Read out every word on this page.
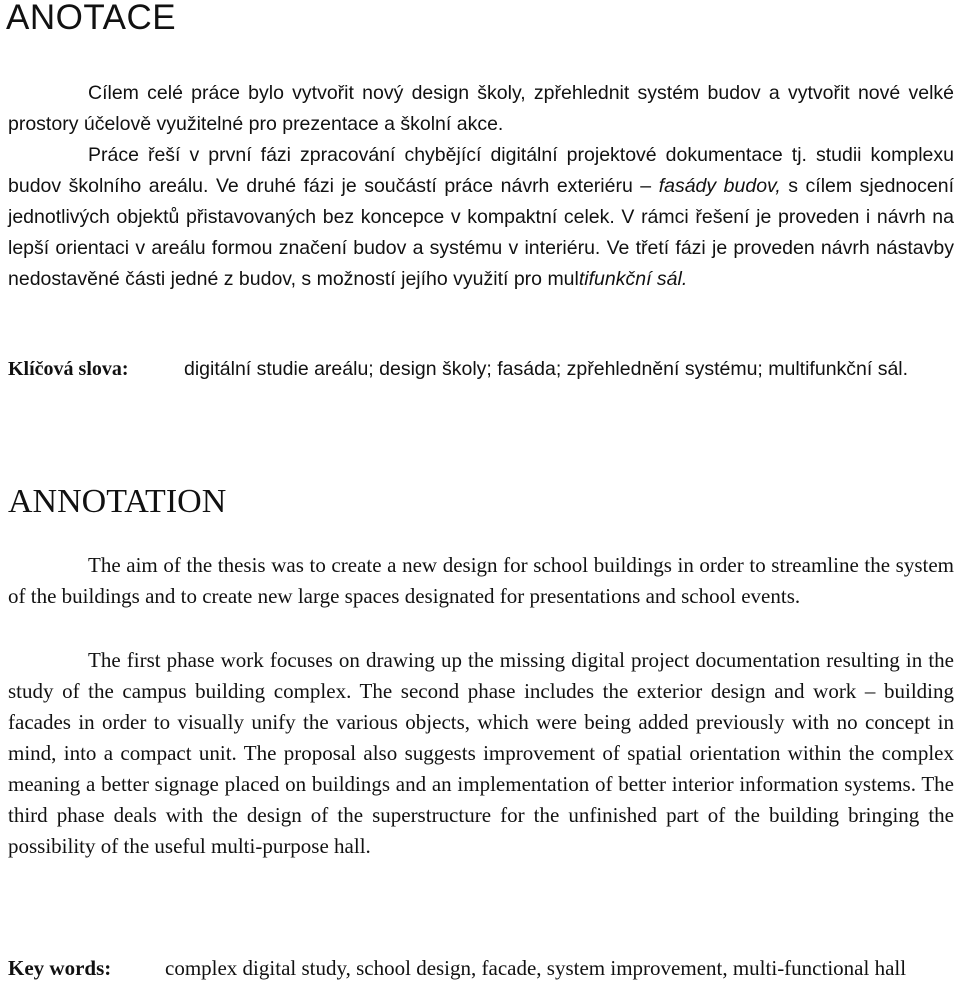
ANOTACE
Cílem celé práce bylo vytvořit nový design školy, zpřehlednit systém budov a vytvořit nové velké prostory účelově využitelné pro prezentace a školní akce.
Práce řeší v první fázi zpracování chybějící digitální projektové dokumentace tj. studii komplexu budov školního areálu. Ve druhé fázi je součástí práce návrh exteriéru – fasády budov, s cílem sjednocení jednotlivých objektů přistavovaných bez koncepce v kompaktní celek. V rámci řešení je proveden i návrh na lepší orientaci v areálu formou značení budov a systému v interiéru. Ve třetí fázi je proveden návrh nástavby nedostavěné části jedné z budov, s možností jejího využití pro multifunkční sál.
Klíčová slova:	digitální studie areálu; design školy; fasáda; zpřehlednění systému; multifunkční sál.
ANNOTATION
The aim of the thesis was to create a new design for school buildings in order to streamline the system of the buildings and to create new large spaces designated for presentations and school events.
The first phase work focuses on drawing up the missing digital project documentation resulting in the study of the campus building complex. The second phase includes the exterior design and work – building facades in order to visually unify the various objects, which were being added previously with no concept in mind, into a compact unit. The proposal also suggests improvement of spatial orientation within the complex meaning a better signage placed on buildings and an implementation of better interior information systems. The third phase deals with the design of the superstructure for the unfinished part of the building bringing the possibility of the useful multi-purpose hall.
Key words:	complex digital study, school design, facade, system improvement, multi-functional hall
